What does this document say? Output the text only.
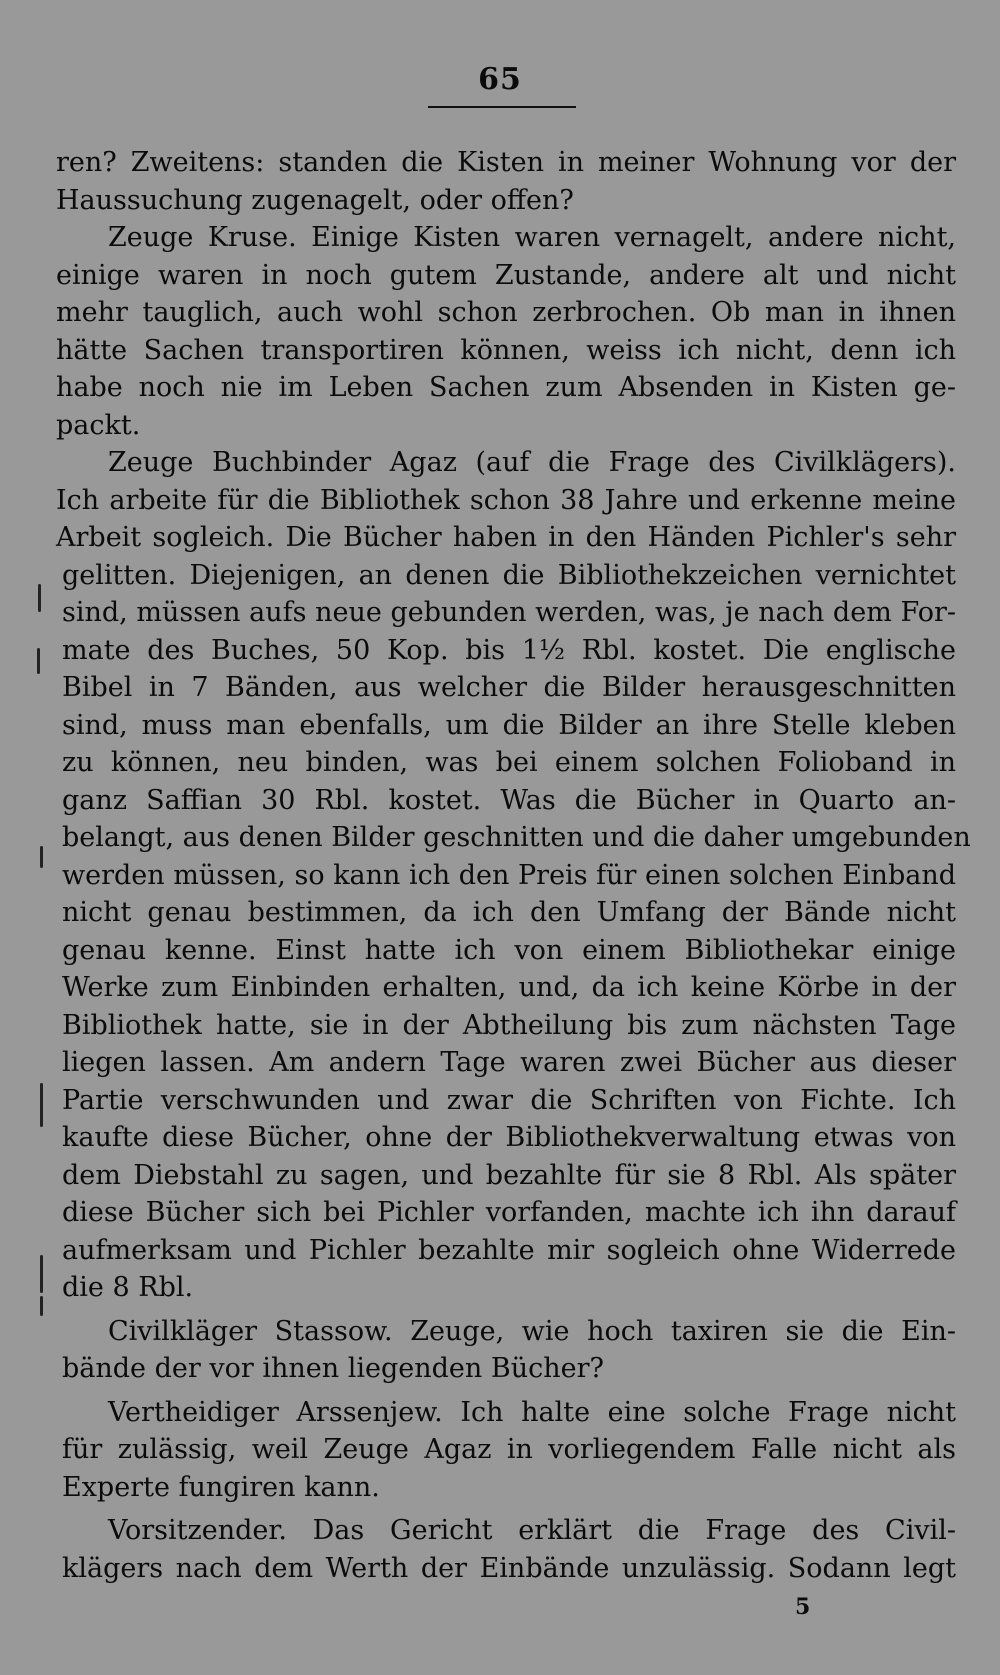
65
ren? Zweitens: standen die Kisten in meiner Wohnung vor der
Haussuchung zugenagelt, oder offen?
Zeuge Kruse. Einige Kisten waren vernagelt, andere nicht,
einige waren in noch gutem Zustande, andere alt und nicht
mehr tauglich, auch wohl schon zerbrochen. Ob man in ihnen
hätte Sachen transportiren können, weiss ich nicht, denn ich
habe noch nie im Leben Sachen zum Absenden in Kisten ge-
packt.
Zeuge Buchbinder Agaz (auf die Frage des Civilklägers).
Ich arbeite für die Bibliothek schon 38 Jahre und erkenne meine
Arbeit sogleich. Die Bücher haben in den Händen Pichler's sehr
gelitten. Diejenigen, an denen die Bibliothekzeichen vernichtet
sind, müssen aufs neue gebunden werden, was, je nach dem For-
mate des Buches, 50 Kop. bis 1½ Rbl. kostet. Die englische
Bibel in 7 Bänden, aus welcher die Bilder herausgeschnitten
sind, muss man ebenfalls, um die Bilder an ihre Stelle kleben
zu können, neu binden, was bei einem solchen Folioband in
ganz Saffian 30 Rbl. kostet. Was die Bücher in Quarto an-
belangt, aus denen Bilder geschnitten und die daher umgebunden
werden müssen, so kann ich den Preis für einen solchen Einband
nicht genau bestimmen, da ich den Umfang der Bände nicht
genau kenne. Einst hatte ich von einem Bibliothekar einige
Werke zum Einbinden erhalten, und, da ich keine Körbe in der
Bibliothek hatte, sie in der Abtheilung bis zum nächsten Tage
liegen lassen. Am andern Tage waren zwei Bücher aus dieser
Partie verschwunden und zwar die Schriften von Fichte. Ich
kaufte diese Bücher, ohne der Bibliothekverwaltung etwas von
dem Diebstahl zu sagen, und bezahlte für sie 8 Rbl. Als später
diese Bücher sich bei Pichler vorfanden, machte ich ihn darauf
aufmerksam und Pichler bezahlte mir sogleich ohne Widerrede
die 8 Rbl.
Civilkläger Stassow. Zeuge, wie hoch taxiren sie die Ein-
bände der vor ihnen liegenden Bücher?
Vertheidiger Arssenjew. Ich halte eine solche Frage nicht
für zulässig, weil Zeuge Agaz in vorliegendem Falle nicht als
Experte fungiren kann.
Vorsitzender. Das Gericht erklärt die Frage des Civil-
klägers nach dem Werth der Einbände unzulässig. Sodann legt
5
